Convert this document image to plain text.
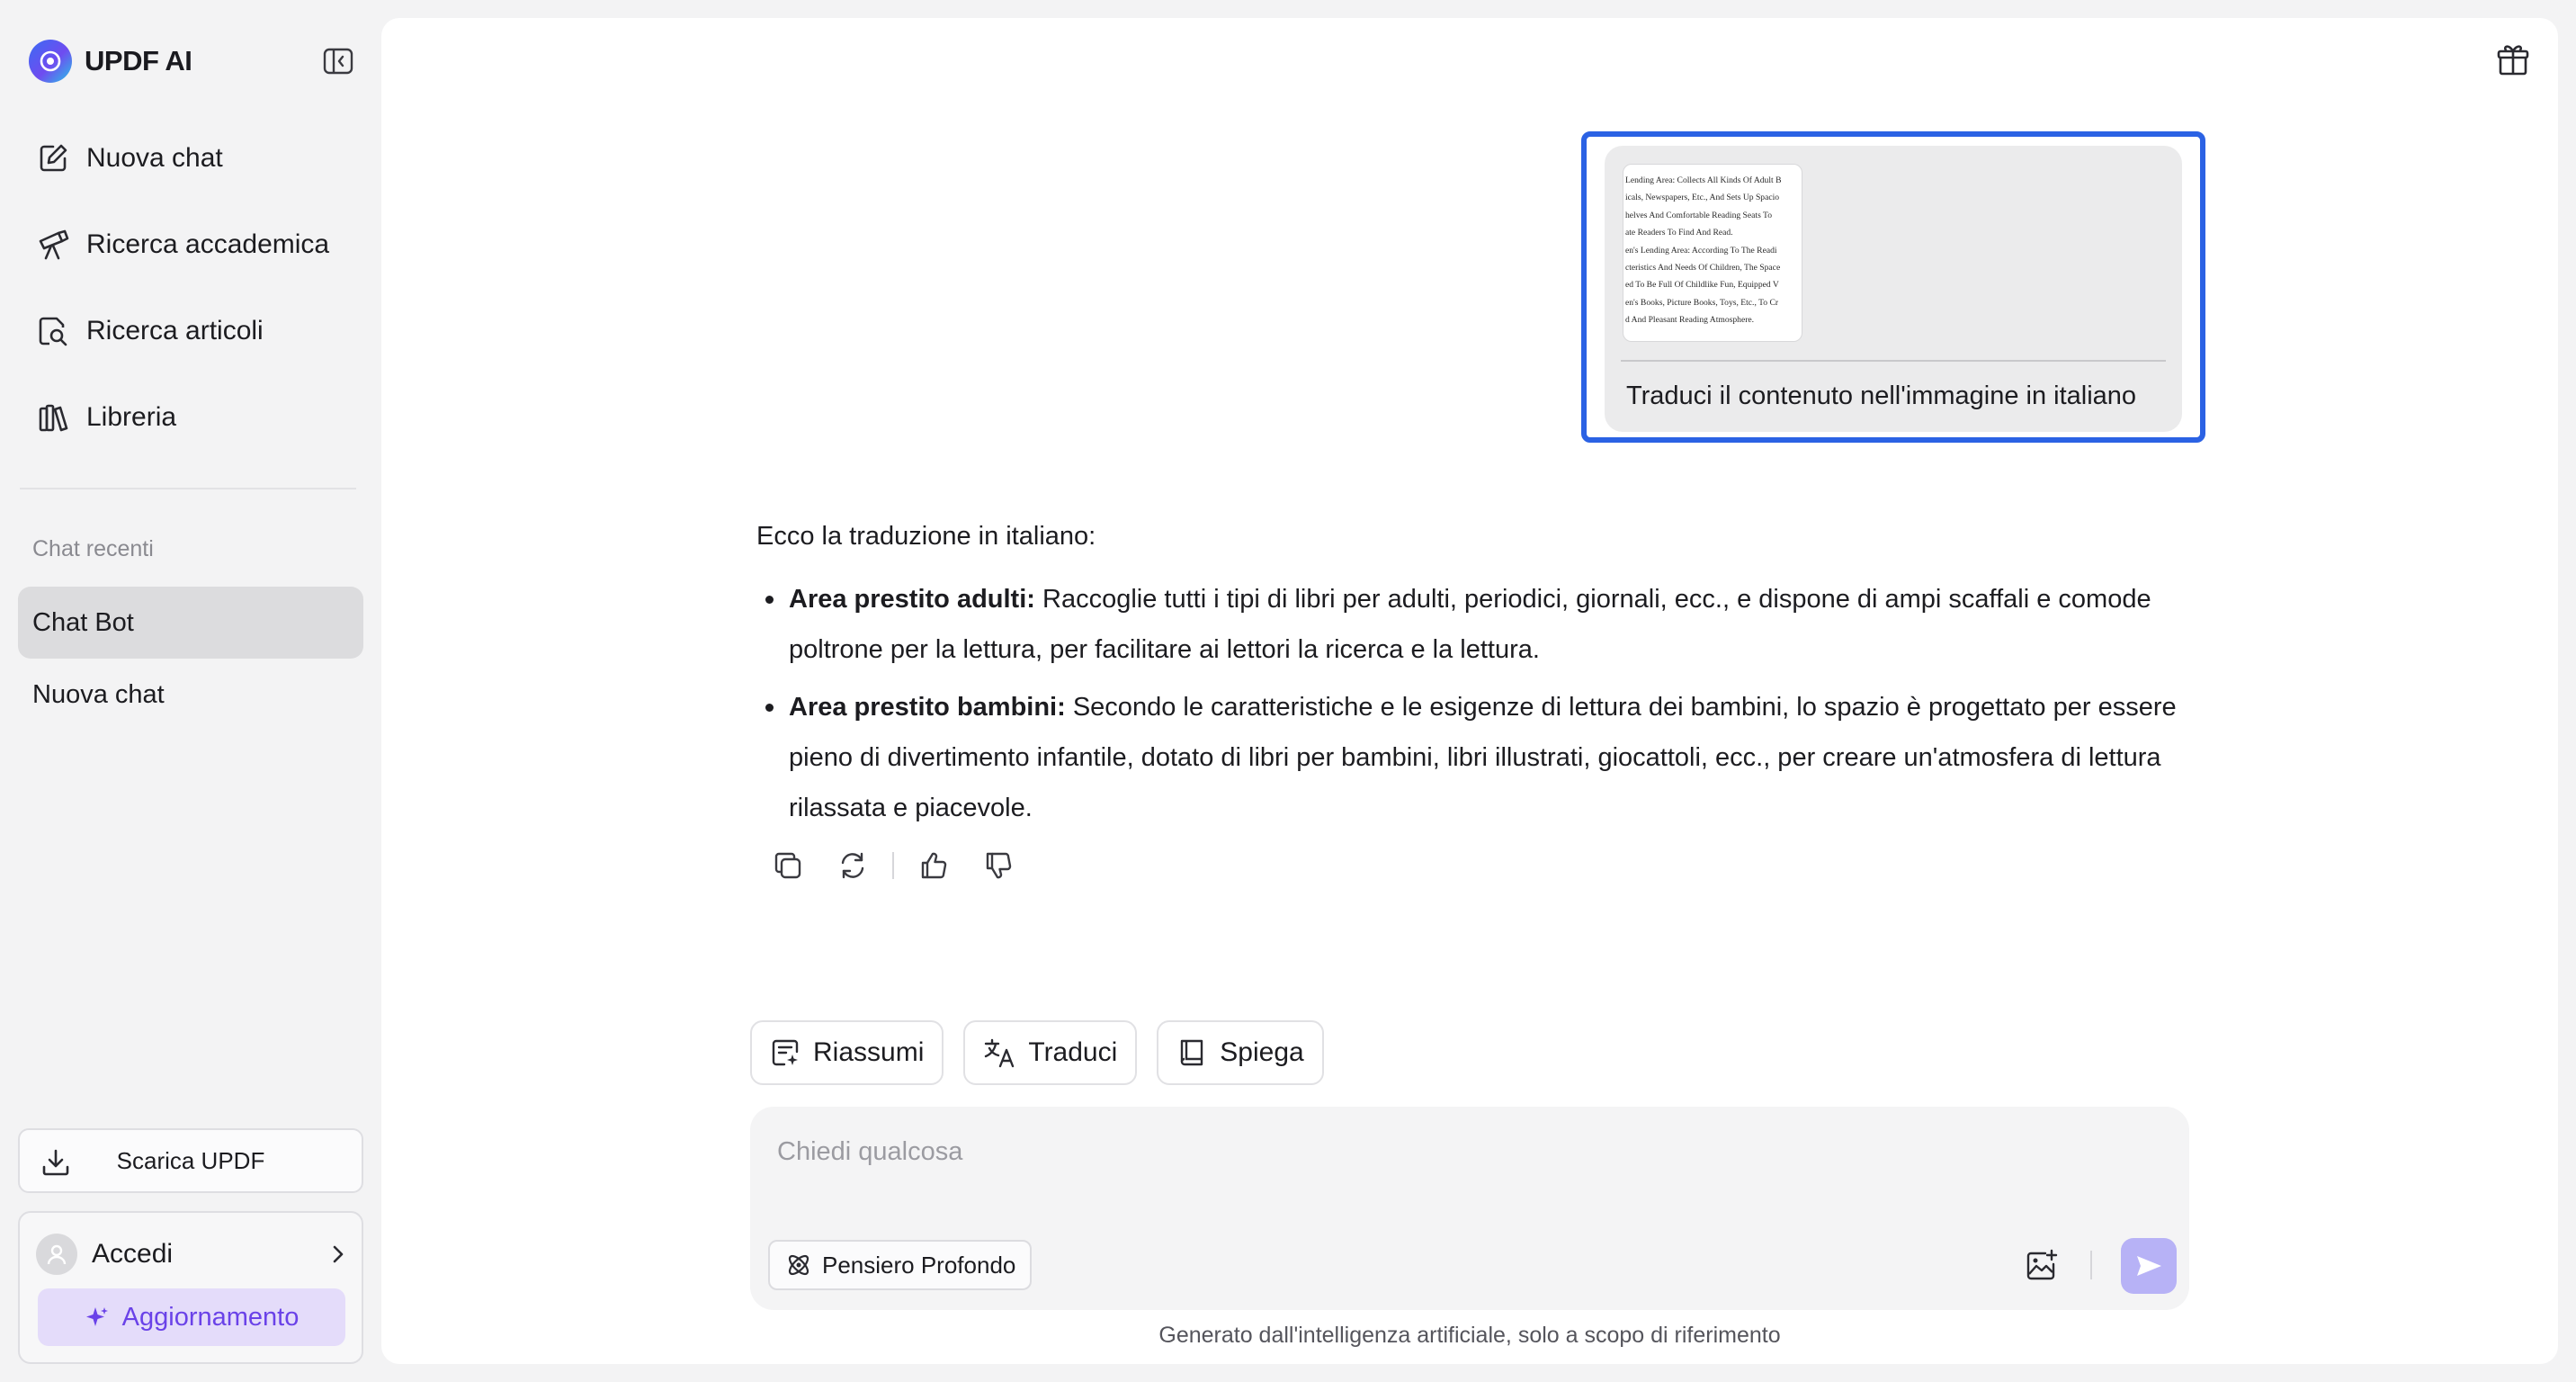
UPDF AI
Nuova chat
Ricerca accademica
Ricerca articoli
Libreria
Chat recenti
Chat Bot
Nuova chat
Scarica UPDF
Accedi
Aggiornamento
Lending Area: Collects All Kinds Of Adult B
icals, Newspapers, Etc., And Sets Up Spacio
helves And Comfortable Reading Seats To
ate Readers To Find And Read.
en's Lending Area: According To The Readi
cteristics And Needs Of Children, The Space
ed To Be Full Of Childlike Fun, Equipped V
en's Books, Picture Books, Toys, Etc., To Cr
d And Pleasant Reading Atmosphere.
Traduci il contenuto nell'immagine in italiano

Ecco la traduzione in italiano:

Area prestito adulti: Raccoglie tutti i tipi di libri per adulti, periodici, giornali, ecc., e dispone di ampi scaffali e comode poltrone per la lettura, per facilitare ai lettori la ricerca e la lettura.
Area prestito bambini: Secondo le caratteristiche e le esigenze di lettura dei bambini, lo spazio è progettato per essere pieno di divertimento infantile, dotato di libri per bambini, libri illustrati, giocattoli, ecc., per creare un'atmosfera di lettura rilassata e piacevole.
Riassumi	Traduci	Spiega
Chiedi qualcosa
Pensiero Profondo
Generato dall'intelligenza artificiale, solo a scopo di riferimento
